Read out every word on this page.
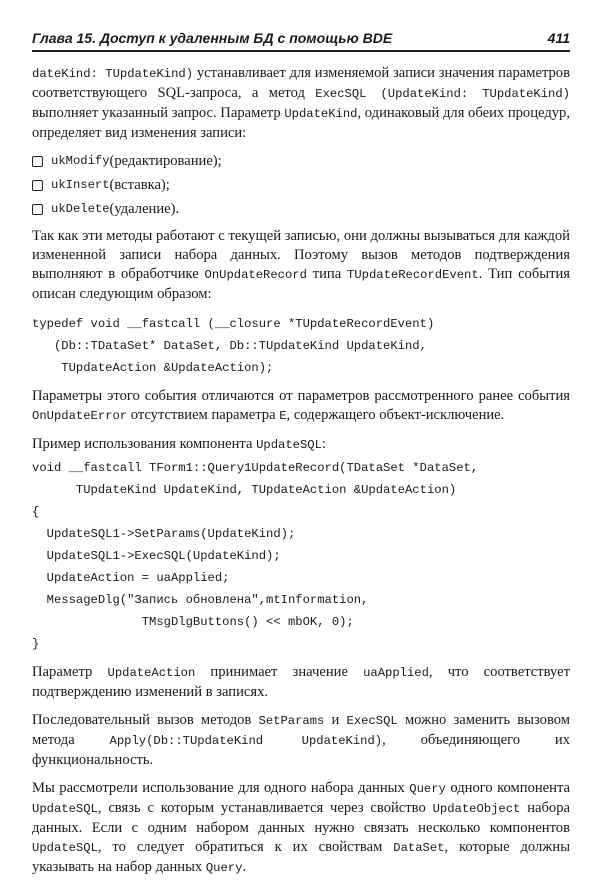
Глава 15. Доступ к удаленным БД с помощью BDE	411

dateKind: TUpdateKind) устанавливает для изменяемой записи значения параметров соответствующего SQL-запроса, а метод ExecSQL (UpdateKind: TUpdateKind) выполняет указанный запрос. Параметр UpdateKind, одинаковый для обеих процедур, определяет вид изменения записи:

ukModify (редактирование);
ukInsert (вставка);
ukDelete (удаление).

Так как эти методы работают с текущей записью, они должны вызываться для каждой измененной записи набора данных. Поэтому вызов методов подтверждения выполняют в обработчике OnUpdateRecord типа TUpdateRecordEvent. Тип события описан следующим образом:

typedef void __fastcall (__closure *TUpdateRecordEvent)
(Db::TDataSet* DataSet, Db::TUpdateKind UpdateKind,
TUpdateAction &UpdateAction);

Параметры этого события отличаются от параметров рассмотренного ранее события OnUpdateError отсутствием параметра E, содержащего объект-исключение.

Пример использования компонента UpdateSQL:

void __fastcall TForm1::Query1UpdateRecord(TDataSet *DataSet,
TUpdateKind UpdateKind, TUpdateAction &UpdateAction)
{
UpdateSQL1->SetParams(UpdateKind);
UpdateSQL1->ExecSQL(UpdateKind);
UpdateAction = uaApplied;
MessageDlg("Запись обновлена",mtInformation,
TMsgDlgButtons() << mbOK, 0);
}

Параметр UpdateAction принимает значение uaApplied, что соответствует подтверждению изменений в записях.

Последовательный вызов методов SetParams и ExecSQL можно заменить вызовом метода Apply(Db::TUpdateKind UpdateKind), объединяющего их функциональность.

Мы рассмотрели использование для одного набора данных Query одного компонента UpdateSQL, связь с которым устанавливается через свойство UpdateObject набора данных. Если с одним набором данных нужно связать несколько компонентов UpdateSQL, то следует обратиться к их свойствам DataSet, которые должны указывать на набор данных Query.
